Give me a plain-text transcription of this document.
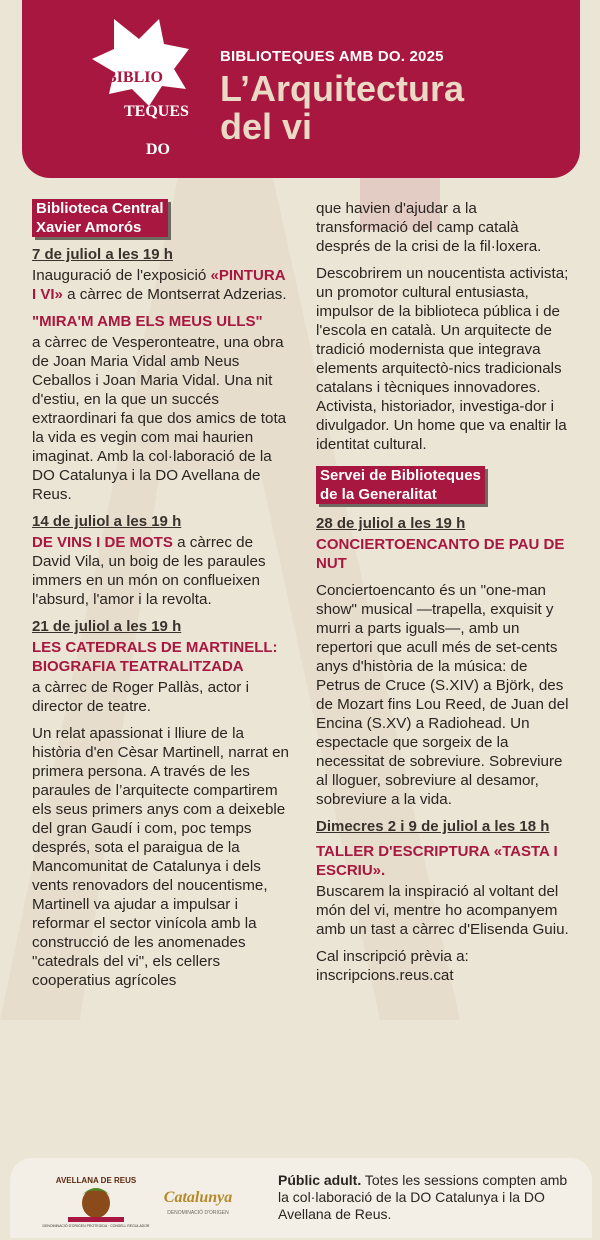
BIBLIO
TEQUES
DO
BIBLIOTEQUES AMB DO. 2025
L’Arquitectura
del vi
Biblioteca Central
Xavier Amorós
7 de juliol a les 19 h

Inauguració de l'exposició «PINTURA I VI» a càrrec de Montserrat Adzerias.

"MIRA'M AMB ELS MEUS ULLS"

a càrrec de Vesperonteatre, una obra de Joan Maria Vidal amb Neus Ceballos i Joan Maria Vidal. Una nit d'estiu, en la que un succés extraordinari fa que dos amics de tota la vida es vegin com mai haurien imaginat. Amb la col·laboració de la DO Catalunya i la DO Avellana de Reus.

14 de juliol a les 19 h

DE VINS I DE MOTS a càrrec de David Vila, un boig de les paraules immers en un món on conflueixen l'absurd, l'amor i la revolta.

21 de juliol a les 19 h
LES CATEDRALS DE MARTINELL: BIOGRAFIA TEATRALITZADA

a càrrec de Roger Pallàs, actor i director de teatre.

Un relat apassionat i lliure de la història d'en Cèsar Martinell, narrat en primera persona. A través de les paraules de l’arquitecte compartirem els seus primers anys com a deixeble del gran Gaudí i com, poc temps després, sota el paraigua de la Mancomunitat de Catalunya i dels vents renovadors del noucentisme, Martinell va ajudar a impulsar i reformar el sector vinícola amb la construcció de les anomenades "catedrals del vi", els cellers cooperatius agrícoles

que havien d'ajudar a la transformació del camp català després de la crisi de la fil·loxera.

Descobrirem un noucentista activista; un promotor cultural entusiasta, impulsor de la biblioteca pública i de l'escola en català. Un arquitecte de tradició modernista que integrava elements arquitectò-nics tradicionals catalans i tècniques innovadores. Activista, historiador, investiga-dor i divulgador. Un home que va enaltir la identitat cultural.

Servei de Biblioteques
de la Generalitat
28 de juliol a les 19 h
CONCIERTOENCANTO DE PAU DE NUT

Conciertoencanto és un "one-man show" musical —trapella, exquisit y murri a parts iguals—, amb un repertori que acull més de set-cents anys d'història de la música: de Petrus de Cruce (S.XIV) a Björk, des de Mozart fins Lou Reed, de Juan del Encina (S.XV) a Radiohead. Un espectacle que sorgeix de la necessitat de sobreviure. Sobreviure al lloguer, sobreviure al desamor, sobreviure a la vida.

Dimecres 2 i 9 de juliol a les 18 h
TALLER D'ESCRIPTURA «TASTA I ESCRIU».

Buscarem la inspiració al voltant del món del vi, mentre ho acompanyem amb un tast a càrrec d'Elisenda Guiu.

Cal inscripció prèvia a:
inscripcions.reus.cat

AVELLANA DE REUS
DENOMINACIÓ D'ORIGEN PROTEGIDA · CONSELL REGULADOR
Catalunya
DENOMINACIÓ D'ORIGEN
Públic adult. Totes les sessions compten amb la col·laboració de la DO Catalunya i la DO Avellana de Reus.
